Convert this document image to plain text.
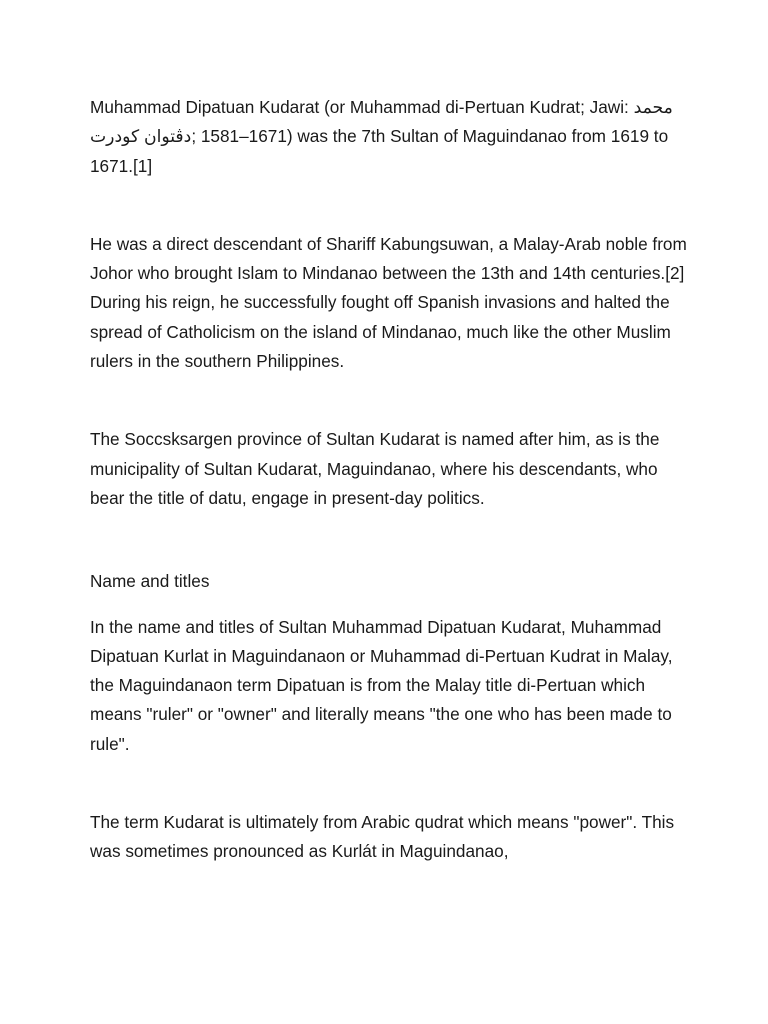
Muhammad Dipatuan Kudarat (or Muhammad di-Pertuan Kudrat; Jawi: محمد دڤتوان کودرت; 1581–1671) was the 7th Sultan of Maguindanao from 1619 to 1671.[1]

He was a direct descendant of Shariff Kabungsuwan, a Malay-Arab noble from Johor who brought Islam to Mindanao between the 13th and 14th centuries.[2] During his reign, he successfully fought off Spanish invasions and halted the spread of Catholicism on the island of Mindanao, much like the other Muslim rulers in the southern Philippines.

The Soccsksargen province of Sultan Kudarat is named after him, as is the municipality of Sultan Kudarat, Maguindanao, where his descendants, who bear the title of datu, engage in present-day politics.

Name and titles

In the name and titles of Sultan Muhammad Dipatuan Kudarat, Muhammad Dipatuan Kurlat in Maguindanaon or Muhammad di-Pertuan Kudrat in Malay, the Maguindanaon term Dipatuan is from the Malay title di-Pertuan which means "ruler" or "owner" and literally means "the one who has been made to rule".

The term Kudarat is ultimately from Arabic qudrat which means "power". This was sometimes pronounced as Kurlát in Maguindanao,
